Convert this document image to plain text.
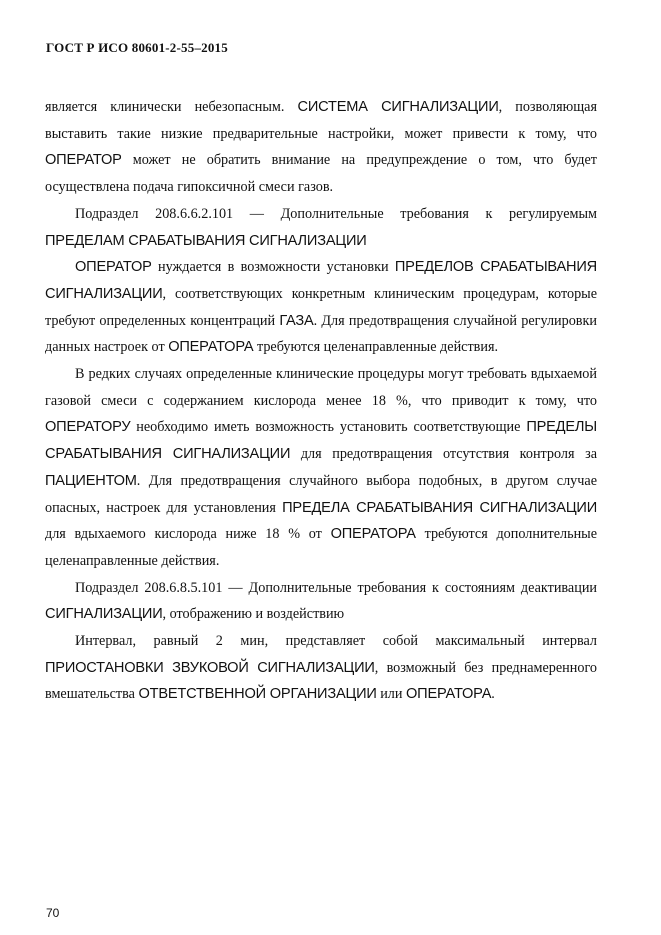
ГОСТ Р ИСО 80601-2-55–2015

является клинически небезопасным. СИСТЕМА СИГНАЛИЗАЦИИ, позволяющая выставить такие низкие предварительные настройки, может привести к тому, что ОПЕРАТОР может не обратить внимание на предупреждение о том, что будет осуществлена подача гипоксичной смеси газов.

Подраздел 208.6.6.2.101 — Дополнительные требования к регулируемым ПРЕДЕЛАМ СРАБАТЫВАНИЯ СИГНАЛИЗАЦИИ

ОПЕРАТОР нуждается в возможности установки ПРЕДЕЛОВ СРАБАТЫВАНИЯ СИГНАЛИЗАЦИИ, соответствующих конкретным клиническим процедурам, которые требуют определенных концентраций ГАЗА. Для предотвращения случайной регулировки данных настроек от ОПЕРАТОРА требуются целенаправленные действия.

В редких случаях определенные клинические процедуры могут требовать вдыхаемой газовой смеси с содержанием кислорода менее 18 %, что приводит к тому, что ОПЕРАТОРУ необходимо иметь возможность установить соответствующие ПРЕДЕЛЫ СРАБАТЫВАНИЯ СИГНАЛИЗАЦИИ для предотвращения отсутствия контроля за ПАЦИЕНТОМ. Для предотвращения случайного выбора подобных, в другом случае опасных, настроек для установления ПРЕДЕЛА СРАБАТЫВАНИЯ СИГНАЛИЗАЦИИ для вдыхаемого кислорода ниже 18 % от ОПЕРАТОРА требуются дополнительные целенаправленные действия.

Подраздел 208.6.8.5.101 — Дополнительные требования к состояниям деактивации СИГНАЛИЗАЦИИ, отображению и воздействию

Интервал, равный 2 мин, представляет собой максимальный интервал ПРИОСТАНОВКИ ЗВУКОВОЙ СИГНАЛИЗАЦИИ, возможный без преднамеренного вмешательства ОТВЕТСТВЕННОЙ ОРГАНИЗАЦИИ или ОПЕРАТОРА.

70
